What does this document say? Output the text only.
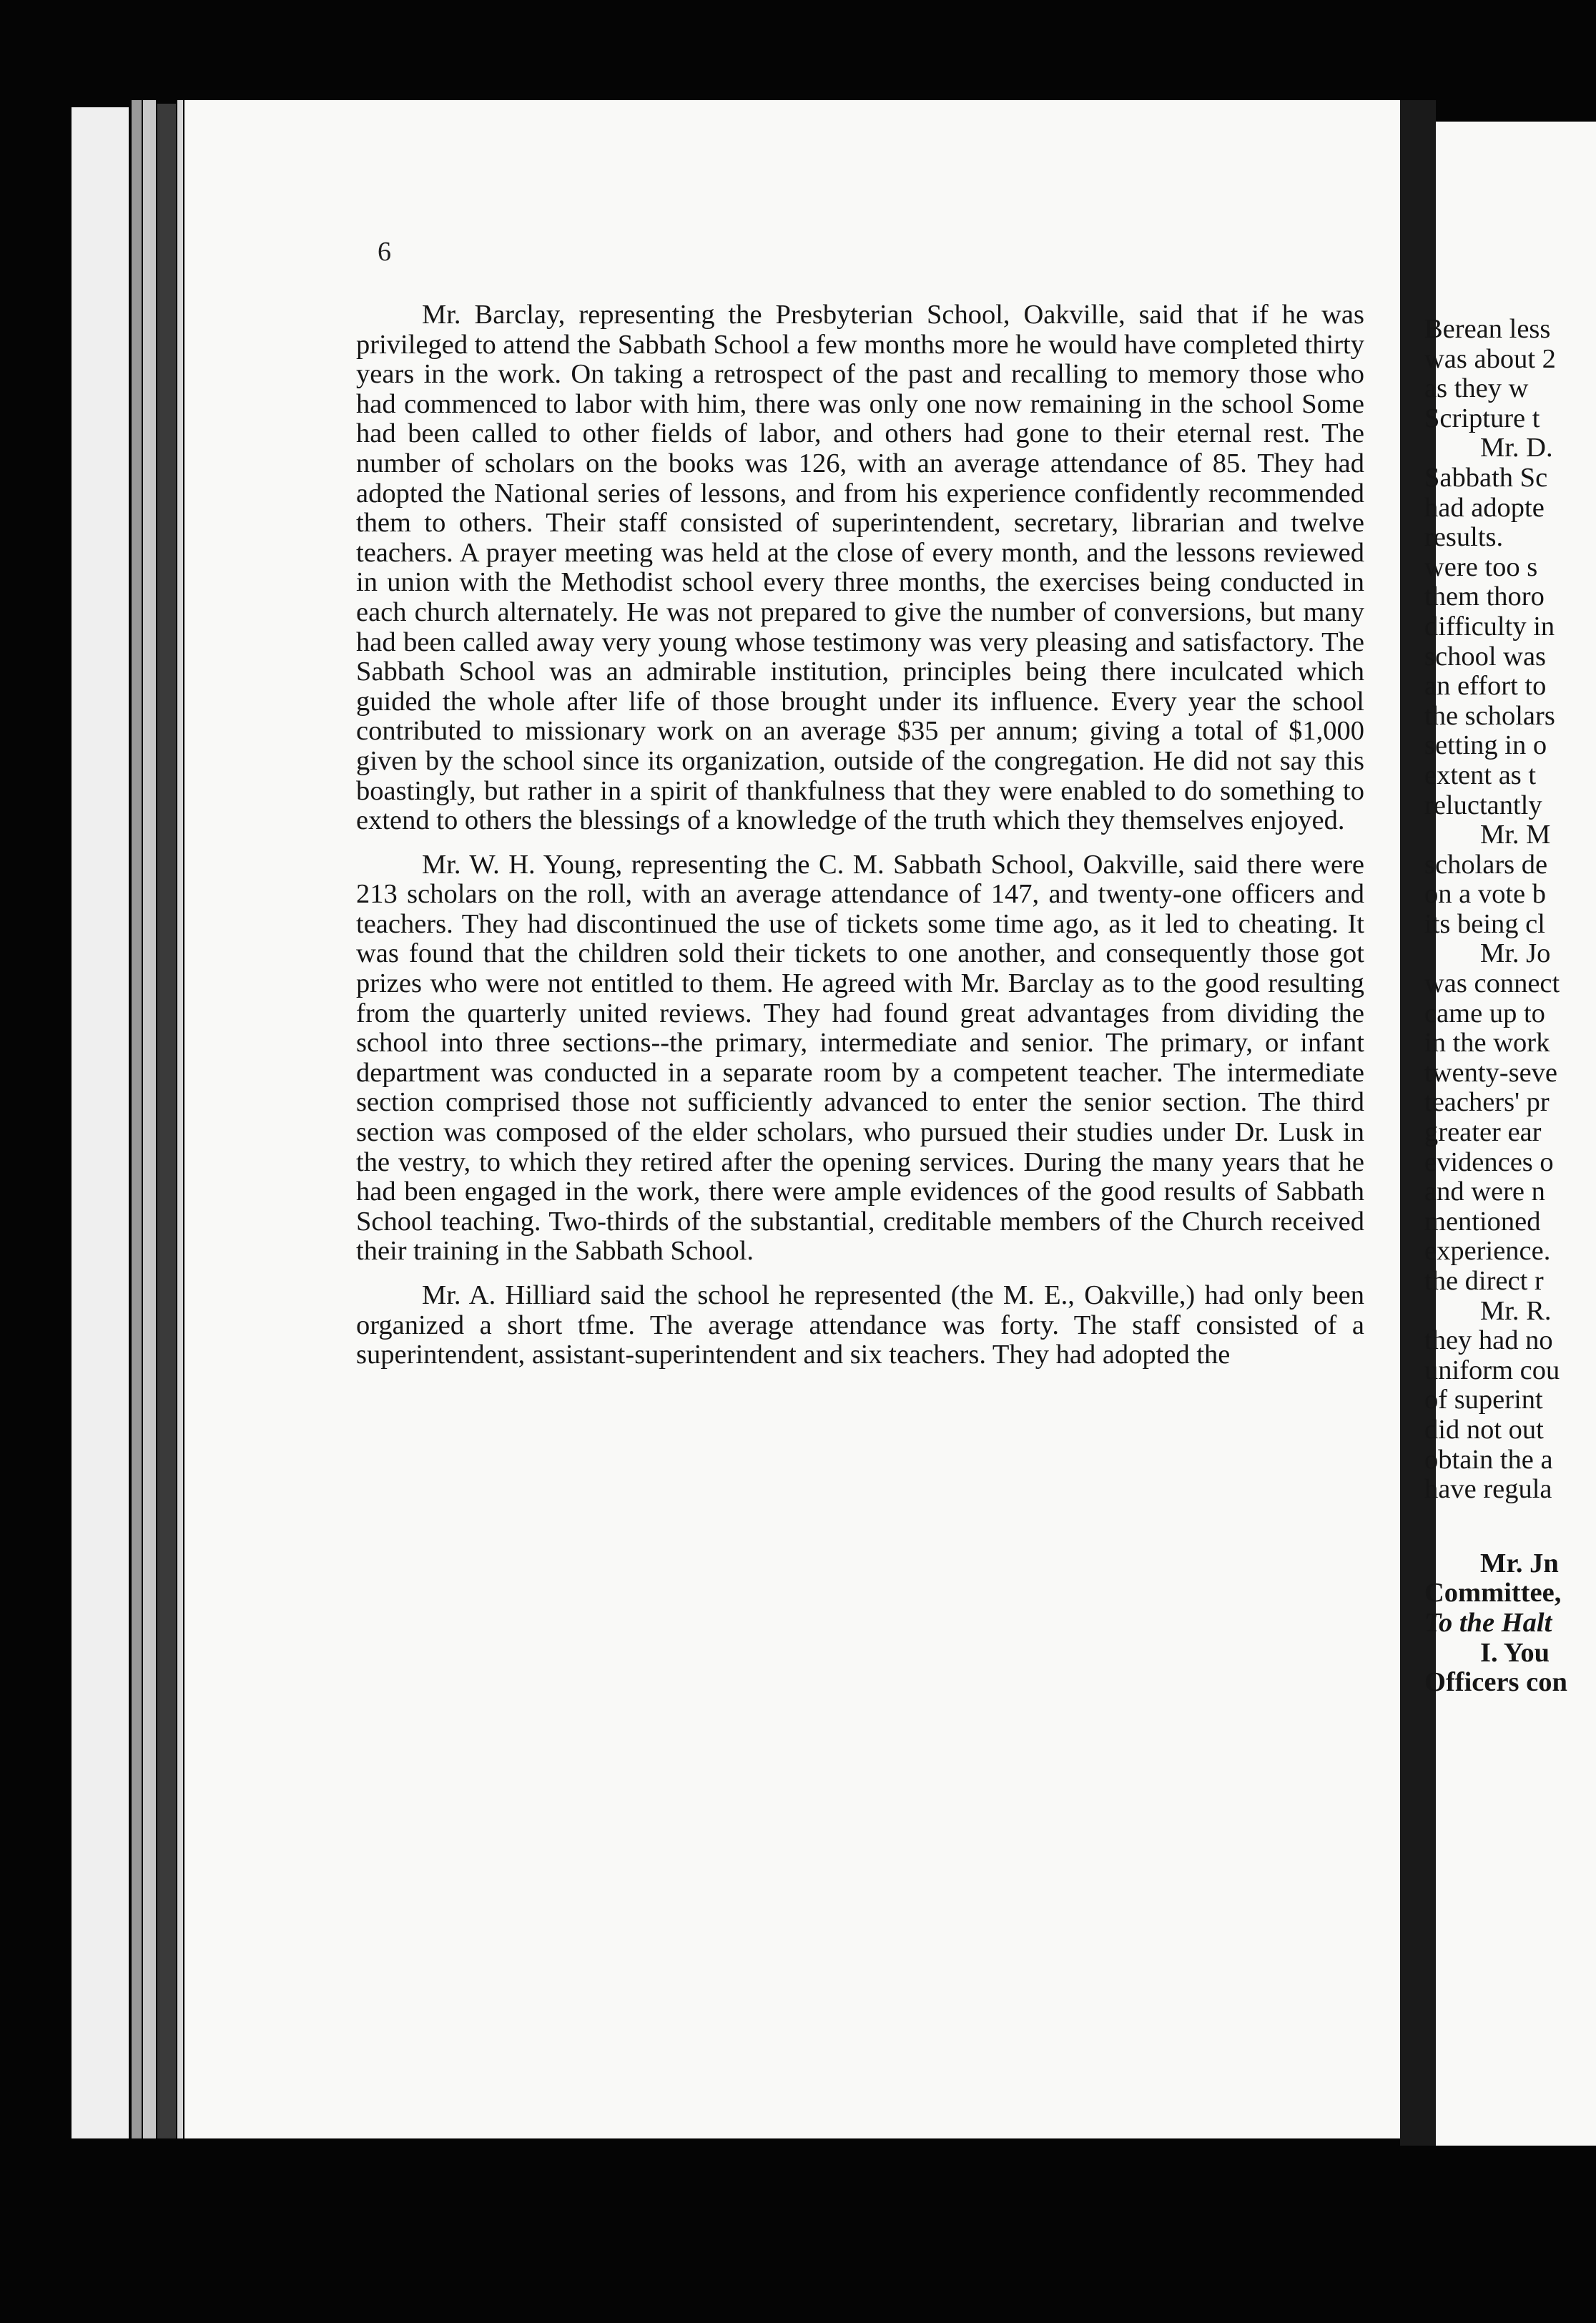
6

Mr. Barclay, representing the Presbyterian School, Oakville, said that if he was privileged to attend the Sabbath School a few months more he would have completed thirty years in the work. On taking a retrospect of the past and recalling to memory those who had commenced to labor with him, there was only one now remaining in the school Some had been called to other fields of labor, and others had gone to their eternal rest. The number of scholars on the books was 126, with an average attendance of 85. They had adopted the National series of lessons, and from his experience confidently recommended them to others. Their staff consisted of superintendent, secretary, librarian and twelve teachers. A prayer meeting was held at the close of every month, and the lessons reviewed in union with the Methodist school every three months, the exercises being conducted in each church alternately. He was not prepared to give the number of conversions, but many had been called away very young whose testimony was very pleasing and satisfactory. The Sabbath School was an admirable institution, principles being there inculcated which guided the whole after life of those brought under its influence. Every year the school contributed to missionary work on an average $35 per annum; giving a total of $1,000 given by the school since its organization, outside of the congregation. He did not say this boastingly, but rather in a spirit of thankfulness that they were enabled to do something to extend to others the blessings of a knowledge of the truth which they themselves enjoyed.

Mr. W. H. Young, representing the C. M. Sabbath School, Oakville, said there were 213 scholars on the roll, with an average attendance of 147, and twenty-one officers and teachers. They had discontinued the use of tickets some time ago, as it led to cheating. It was found that the children sold their tickets to one another, and consequently those got prizes who were not entitled to them. He agreed with Mr. Barclay as to the good resulting from the quarterly united reviews. They had found great advantages from dividing the school into three sections--the primary, intermediate and senior. The primary, or infant department was conducted in a separate room by a competent teacher. The intermediate section comprised those not sufficiently advanced to enter the senior section. The third section was composed of the elder scholars, who pursued their studies under Dr. Lusk in the vestry, to which they retired after the opening services. During the many years that he had been engaged in the work, there were ample evidences of the good results of Sabbath School teaching. Two-thirds of the substantial, creditable members of the Church received their training in the Sabbath School.

Mr. A. Hilliard said the school he represented (the M. E., Oakville,) had only been organized a short tfme. The average attendance was forty. The staff consisted of a superintendent, assistant-superintendent and six teachers. They had adopted the

Berean less
was about 2
as they w
Scripture t
Mr. D.
Sabbath Sc
had adopte
results.
were too s
them thoro
difficulty in
school was
an effort to
the scholars
setting in o
extent as t
reluctantly
Mr. M
scholars de
on a vote b
its being cl
Mr. Jo
was connect
came up to
in the work
twenty-seve
teachers' pr
greater ear
evidences o
and were n
mentioned
experience.
the direct r
Mr. R.
they had no
uniform cou
of superint
did not out
obtain the a
have regula
Mr. Jn
Committee,
To the Halt
I. You
Officers con
